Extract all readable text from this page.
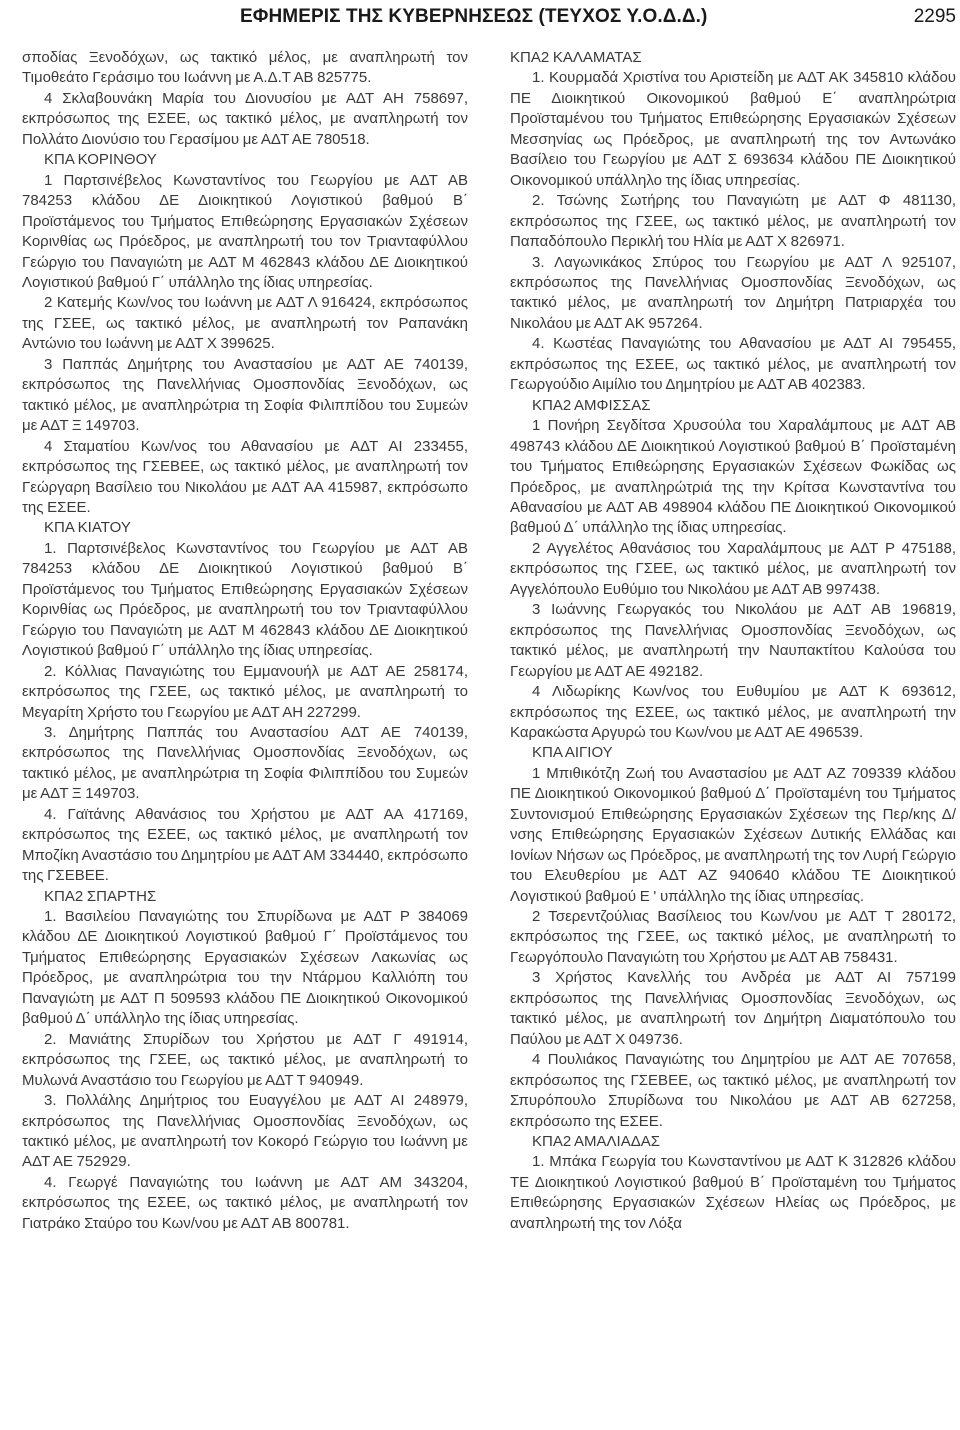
ΕΦΗΜΕΡΙΣ ΤΗΣ ΚΥΒΕΡΝΗΣΕΩΣ (ΤΕΥΧΟΣ Υ.Ο.Δ.Δ.)	2295

σποδίας Ξενοδόχων, ως τακτικό μέλος, με αναπληρωτή τον Τιμοθεάτο Γεράσιμο του Ιωάννη με Α.Δ.Τ ΑΒ 825775.

4 Σκλαβουνάκη Μαρία του Διονυσίου με ΑΔΤ ΑΗ 758697, εκπρόσωπος της ΕΣΕΕ, ως τακτικό μέλος, με αναπληρωτή τον Πολλάτο Διονύσιο του Γερασίμου με ΑΔΤ ΑΕ 780518.

ΚΠΑ ΚΟΡΙΝΘΟΥ

1 Παρτσινέβελος Κωνσταντίνος του Γεωργίου με ΑΔΤ ΑΒ 784253 κλάδου ΔΕ Διοικητικού Λογιστικού βαθμού Β΄ Προϊστάμενος του Τμήματος Επιθεώρησης Εργασιακών Σχέσεων Κορινθίας ως Πρόεδρος, με αναπληρωτή του τον Τριανταφύλλου Γεώργιο του Παναγιώτη με ΑΔΤ Μ 462843 κλάδου ΔΕ Διοικητικού Λογιστικού βαθμού Γ΄ υπάλληλο της ίδιας υπηρεσίας.

2 Κατεμής Κων/νος του Ιωάννη με ΑΔΤ Λ 916424, εκπρόσωπος της ΓΣΕΕ, ως τακτικό μέλος, με αναπληρωτή τον Ραπανάκη Αντώνιο του Ιωάννη με ΑΔΤ Χ 399625.

3 Παππάς Δημήτρης του Αναστασίου με ΑΔΤ ΑΕ 740139, εκπρόσωπος της Πανελλήνιας Ομοσπονδίας Ξενοδόχων, ως τακτικό μέλος, με αναπληρώτρια τη Σοφία Φιλιππίδου του Συμεών με ΑΔΤ Ξ 149703.

4 Σταματίου Κων/νος του Αθανασίου με ΑΔΤ ΑΙ 233455, εκπρόσωπος της ΓΣΕΒΕΕ, ως τακτικό μέλος, με αναπληρωτή τον Γεώργαρη Βασίλειο του Νικολάου με ΑΔΤ ΑΑ 415987, εκπρόσωπο της ΕΣΕΕ.

ΚΠΑ ΚΙΑΤΟΥ

1. Παρτσινέβελος Κωνσταντίνος του Γεωργίου με ΑΔΤ ΑΒ 784253 κλάδου ΔΕ Διοικητικού Λογιστικού βαθμού Β΄ Προϊστάμενος του Τμήματος Επιθεώρησης Εργασιακών Σχέσεων Κορινθίας ως Πρόεδρος, με αναπληρωτή του τον Τριανταφύλλου Γεώργιο του Παναγιώτη με ΑΔΤ Μ 462843 κλάδου ΔΕ Διοικητικού Λογιστικού βαθμού Γ΄ υπάλληλο της ίδιας υπηρεσίας.

2. Κόλλιας Παναγιώτης του Εμμανουήλ με ΑΔΤ ΑΕ 258174, εκπρόσωπος της ΓΣΕΕ, ως τακτικό μέλος, με αναπληρωτή το Μεγαρίτη Χρήστο του Γεωργίου με ΑΔΤ ΑΗ 227299.

3. Δημήτρης Παππάς του Αναστασίου ΑΔΤ ΑΕ 740139, εκπρόσωπος της Πανελλήνιας Ομοσπονδίας Ξενοδόχων, ως τακτικό μέλος, με αναπληρώτρια τη Σοφία Φιλιππίδου του Συμεών με ΑΔΤ Ξ 149703.

4. Γαϊτάνης Αθανάσιος του Χρήστου με ΑΔΤ ΑΑ 417169, εκπρόσωπος της ΕΣΕΕ, ως τακτικό μέλος, με αναπληρωτή τον Μποζίκη Αναστάσιο του Δημητρίου με ΑΔΤ ΑΜ 334440, εκπρόσωπο της ΓΣΕΒΕΕ.

ΚΠΑ2 ΣΠΑΡΤΗΣ

1. Βασιλείου Παναγιώτης του Σπυρίδωνα με ΑΔΤ Ρ 384069 κλάδου ΔΕ Διοικητικού Λογιστικού βαθμού Γ΄ Προϊστάμενος του Τμήματος Επιθεώρησης Εργασιακών Σχέσεων Λακωνίας ως Πρόεδρος, με αναπληρώτρια του την Ντάρμου Καλλιόπη του Παναγιώτη με ΑΔΤ Π 509593 κλάδου ΠΕ Διοικητικού Οικονομικού βαθμού Δ΄ υπάλληλο της ίδιας υπηρεσίας.

2. Μανιάτης Σπυρίδων του Χρήστου με ΑΔΤ Γ 491914, εκπρόσωπος της ΓΣΕΕ, ως τακτικό μέλος, με αναπληρωτή το Μυλωνά Αναστάσιο του Γεωργίου με ΑΔΤ Τ 940949.

3. Πολλάλης Δημήτριος του Ευαγγέλου με ΑΔΤ ΑΙ 248979, εκπρόσωπος της Πανελλήνιας Ομοσπονδίας Ξενοδόχων, ως τακτικό μέλος, με αναπληρωτή τον Κοκορό Γεώργιο του Ιωάννη με ΑΔΤ ΑΕ 752929.

4. Γεωργέ Παναγιώτης του Ιωάννη με ΑΔΤ ΑΜ 343204, εκπρόσωπος της ΕΣΕΕ, ως τακτικό μέλος, με αναπληρωτή τον Γιατράκο Σταύρο του Κων/νου με ΑΔΤ ΑΒ 800781.

ΚΠΑ2 ΚΑΛΑΜΑΤΑΣ

1. Κουρμαδά Χριστίνα του Αριστείδη με ΑΔΤ ΑΚ 345810 κλάδου ΠΕ Διοικητικού Οικονομικού βαθμού Ε΄ αναπληρώτρια Προϊσταμένου του Τμήματος Επιθεώρησης Εργασιακών Σχέσεων Μεσσηνίας ως Πρόεδρος, με αναπληρωτή της τον Αντωνάκο Βασίλειο του Γεωργίου με ΑΔΤ Σ 693634 κλάδου ΠΕ Διοικητικού Οικονομικού υπάλληλο της ίδιας υπηρεσίας.

2. Τσώνης Σωτήρης του Παναγιώτη με ΑΔΤ Φ 481130, εκπρόσωπος της ΓΣΕΕ, ως τακτικό μέλος, με αναπληρωτή τον Παπαδόπουλο Περικλή του Ηλία με ΑΔΤ Χ 826971.

3. Λαγωνικάκος Σπύρος του Γεωργίου με ΑΔΤ Λ 925107, εκπρόσωπος της Πανελλήνιας Ομοσπονδίας Ξενοδόχων, ως τακτικό μέλος, με αναπληρωτή τον Δημήτρη Πατριαρχέα του Νικολάου με ΑΔΤ ΑΚ 957264.

4. Κωστέας Παναγιώτης του Αθανασίου με ΑΔΤ ΑΙ 795455, εκπρόσωπος της ΕΣΕΕ, ως τακτικό μέλος, με αναπληρωτή τον Γεωργούδιο Αιμίλιο του Δημητρίου με ΑΔΤ ΑΒ 402383.

ΚΠΑ2 ΑΜΦΙΣΣΑΣ

1 Πονήρη Σεγδίτσα Χρυσούλα του Χαραλάμπους με ΑΔΤ ΑΒ 498743 κλάδου ΔΕ Διοικητικού Λογιστικού βαθμού Β΄ Προϊσταμένη του Τμήματος Επιθεώρησης Εργασιακών Σχέσεων Φωκίδας ως Πρόεδρος, με αναπληρώτριά της την Κρίτσα Κωνσταντίνα του Αθανασίου με ΑΔΤ ΑΒ 498904 κλάδου ΠΕ Διοικητικού Οικονομικού βαθμού Δ΄ υπάλληλο της ίδιας υπηρεσίας.

2 Αγγελέτος Αθανάσιος του Χαραλάμπους με ΑΔΤ Ρ 475188, εκπρόσωπος της ΓΣΕΕ, ως τακτικό μέλος, με αναπληρωτή τον Αγγελόπουλο Ευθύμιο του Νικολάου με ΑΔΤ ΑΒ 997438.

3 Ιωάννης Γεωργακός του Νικολάου με ΑΔΤ ΑΒ 196819, εκπρόσωπος της Πανελλήνιας Ομοσπονδίας Ξενοδόχων, ως τακτικό μέλος, με αναπληρωτή την Ναυπακτίτου Καλούσα του Γεωργίου με ΑΔΤ ΑΕ 492182.

4 Λιδωρίκης Κων/νος του Ευθυμίου με ΑΔΤ Κ 693612, εκπρόσωπος της ΕΣΕΕ, ως τακτικό μέλος, με αναπληρωτή την Καρακώστα Αργυρώ του Κων/νου με ΑΔΤ ΑΕ 496539.

ΚΠΑ ΑΙΓΙΟΥ

1 Μπιθικότζη Ζωή του Αναστασίου με ΑΔΤ ΑΖ 709339 κλάδου ΠΕ Διοικητικού Οικονομικού βαθμού Δ΄ Προϊσταμένη του Τμήματος Συντονισμού Επιθεώρησης Εργασιακών Σχέσεων της Περ/κης Δ/νσης Επιθεώρησης Εργασιακών Σχέσεων Δυτικής Ελλάδας και Ιονίων Νήσων ως Πρόεδρος, με αναπληρωτή της τον Λυρή Γεώργιο του Ελευθερίου με ΑΔΤ ΑΖ 940640 κλάδου ΤΕ Διοικητικού Λογιστικού βαθμού Ε ' υπάλληλο της ίδιας υπηρεσίας.

2 Τσερεντζούλιας Βασίλειος του Κων/νου με ΑΔΤ Τ 280172, εκπρόσωπος της ΓΣΕΕ, ως τακτικό μέλος, με αναπληρωτή το Γεωργόπουλο Παναγιώτη του Χρήστου με ΑΔΤ ΑΒ 758431.

3 Χρήστος Κανελλής του Ανδρέα με ΑΔΤ ΑΙ 757199 εκπρόσωπος της Πανελλήνιας Ομοσπονδίας Ξενοδόχων, ως τακτικό μέλος, με αναπληρωτή τον Δημήτρη Διαματόπουλο του Παύλου με ΑΔΤ Χ 049736.

4 Πουλιάκος Παναγιώτης του Δημητρίου με ΑΔΤ ΑΕ 707658, εκπρόσωπος της ΓΣΕΒΕΕ, ως τακτικό μέλος, με αναπληρωτή τον Σπυρόπουλο Σπυρίδωνα του Νικολάου με ΑΔΤ ΑΒ 627258, εκπρόσωπο της ΕΣΕΕ.

ΚΠΑ2 ΑΜΑΛΙΑΔΑΣ

1. Μπάκα Γεωργία του Κωνσταντίνου με ΑΔΤ Κ 312826 κλάδου ΤΕ Διοικητικού Λογιστικού βαθμού Β΄ Προϊσταμένη του Τμήματος Επιθεώρησης Εργασιακών Σχέσεων Ηλείας ως Πρόεδρος, με αναπληρωτή της τον Λόξα
